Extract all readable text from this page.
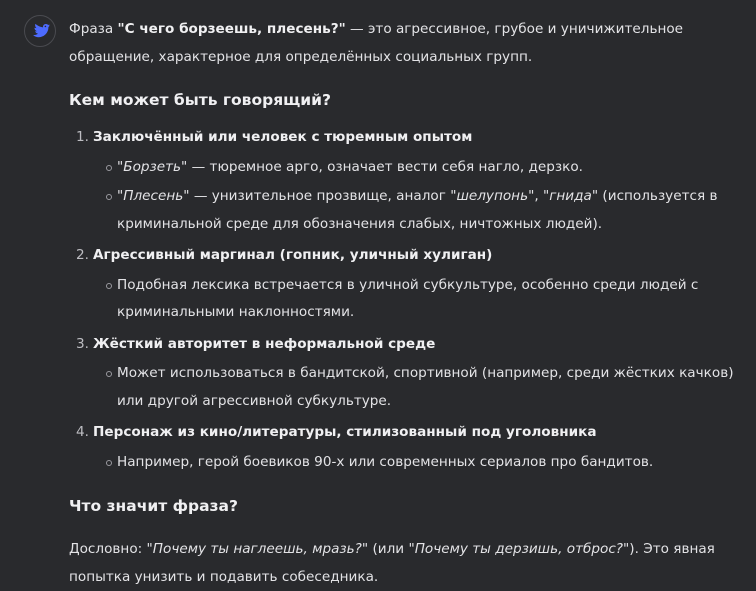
Фраза "С чего борзеешь, плесень?" — это агрессивное, грубое и уничижительное обращение, характерное для определённых социальных групп.

Кем может быть говорящий?
1. Заключённый или человек с тюремным опытом
"Борзеть" — тюремное арго, означает вести себя нагло, дерзко.
"Плесень" — унизительное прозвище, аналог "шелупонь", "гнида" (используется в криминальной среде для обозначения слабых, ничтожных людей).
2. Агрессивный маргинал (гопник, уличный хулиган)
Подобная лексика встречается в уличной субкультуре, особенно среди людей с криминальными наклонностями.
3. Жёсткий авторитет в неформальной среде
Может использоваться в бандитской, спортивной (например, среди жёстких качков) или другой агрессивной субкультуре.
4. Персонаж из кино/литературы, стилизованный под уголовника
Например, герой боевиков 90-х или современных сериалов про бандитов.
Что значит фраза?

Дословно: "Почему ты наглеешь, мразь?" (или "Почему ты дерзишь, отброс?"). Это явная попытка унизить и подавить собеседника.
